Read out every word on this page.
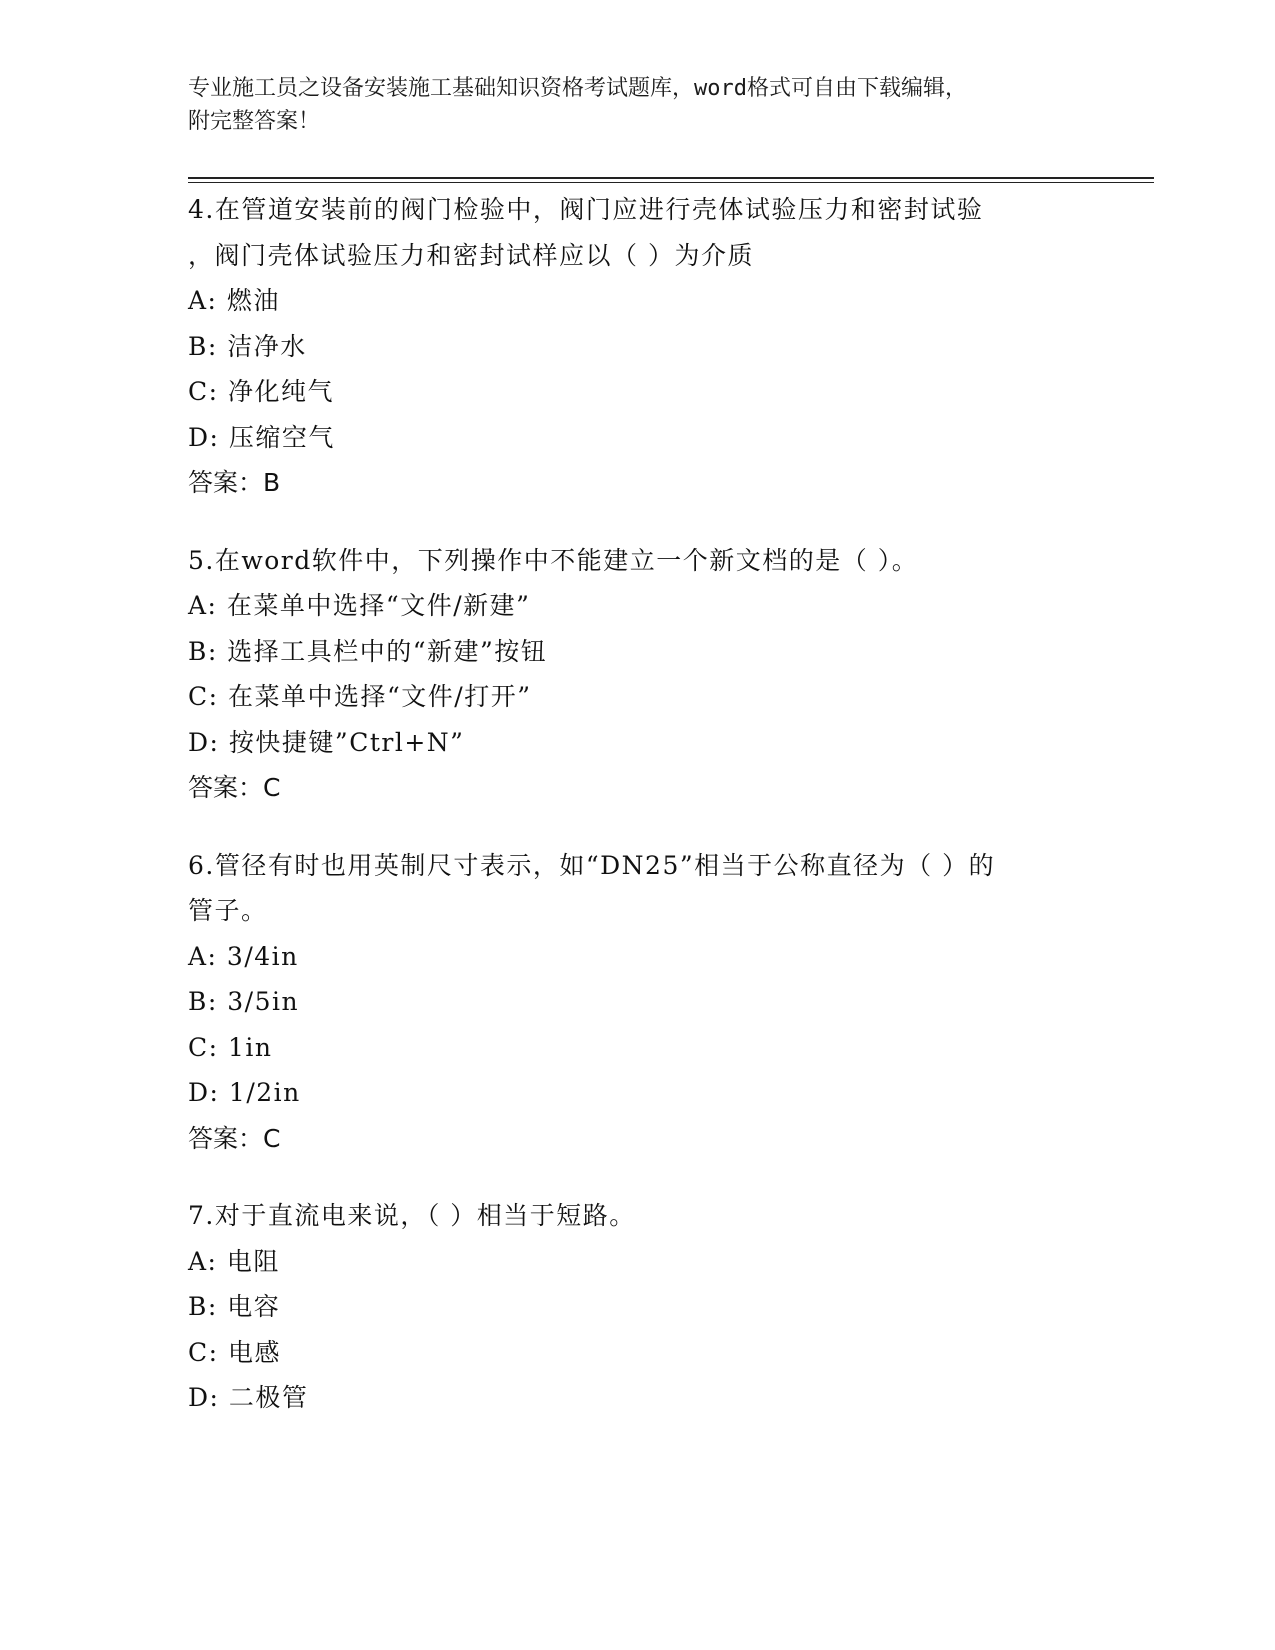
专业施工员之设备安装施工基础知识资格考试题库，word格式可自由下载编辑，

附完整答案！

4.在管道安装前的阀门检验中，阀门应进行壳体试验压力和密封试验
，阀门壳体试验压力和密封试样应以（ ）为介质
A: 燃油
B: 洁净水
C: 净化纯气
D: 压缩空气
答案：B
5.在word软件中，下列操作中不能建立一个新文档的是（ ）。
A: 在菜单中选择“文件/新建”
B: 选择工具栏中的“新建”按钮
C: 在菜单中选择“文件/打开”
D: 按快捷键”Ctrl+N”
答案：C
6.管径有时也用英制尺寸表示，如“DN25”相当于公称直径为（ ）的
管子。
A: 3/4in
B: 3/5in
C: 1in
D: 1/2in
答案：C
7.对于直流电来说，（ ）相当于短路。
A: 电阻
B: 电容
C: 电感
D: 二极管
